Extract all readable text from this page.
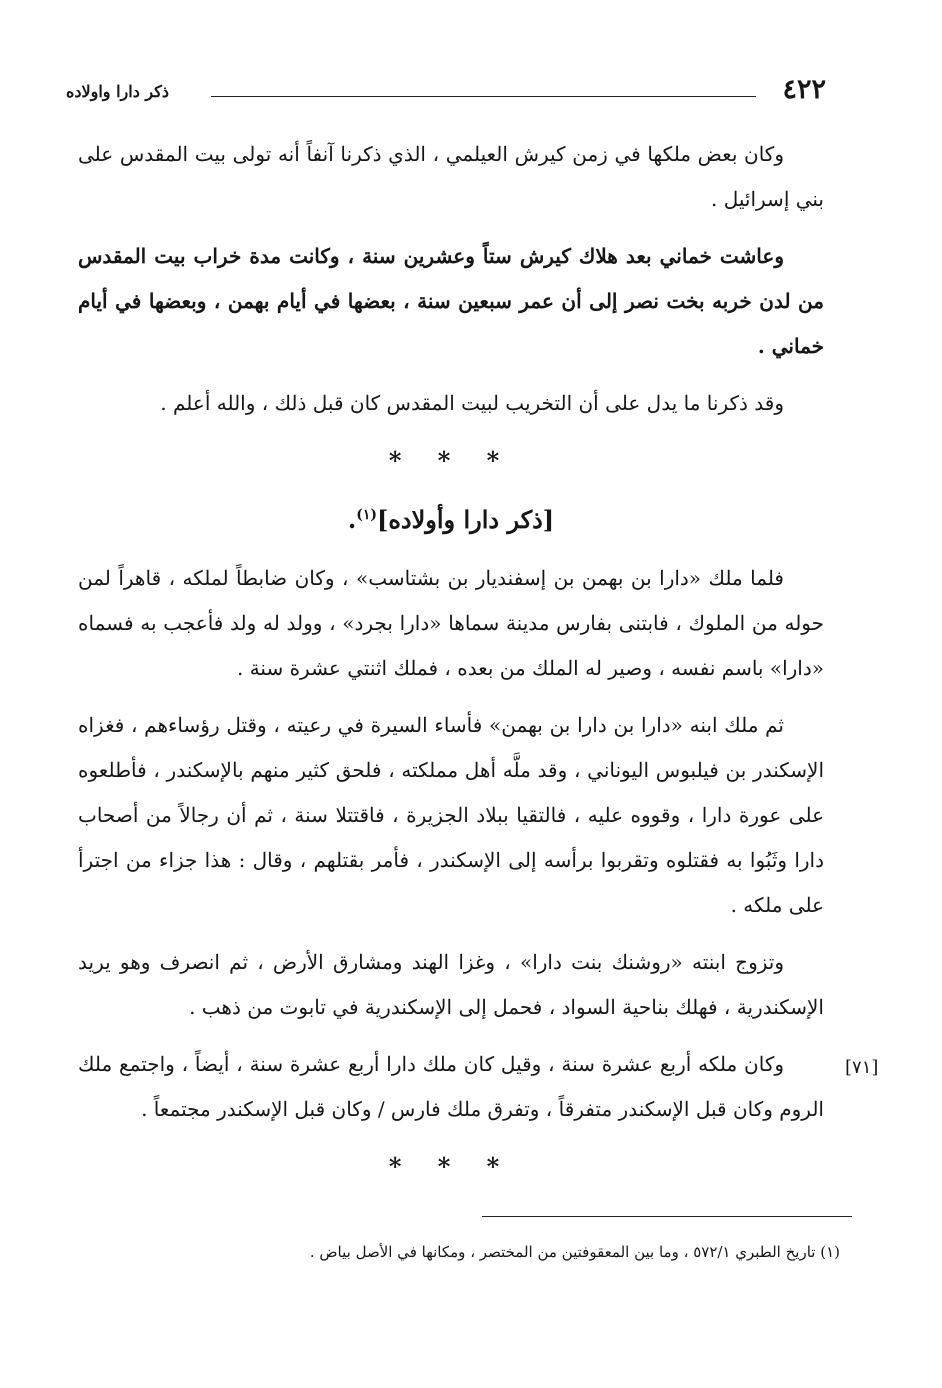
٤٢٢
ذكر دارا واولاده

وكان بعض ملكها في زمن كيرش العيلمي ، الذي ذكرنا آنفاً أنه تولى بيت المقدس على بني إسرائيل .

وعاشت خماني بعد هلاك كيرش ستاً وعشرين سنة ، وكانت مدة خراب بيت المقدس من لدن خربه بخت نصر إلى أن عمر سبعين سنة ، بعضها في أيام بهمن ، وبعضها في أيام خماني .

وقد ذكرنا ما يدل على أن التخريب لبيت المقدس كان قبل ذلك ، والله أعلم .

* * *
[ذكر دارا وأولاده]$^{(١)}$.

فلما ملك «دارا بن بهمن بن إسفنديار بن بشتاسب» ، وكان ضابطاً لملكه ، قاهراً لمن حوله من الملوك ، فابتنى بفارس مدينة سماها «دارا بجرد» ، وولد له ولد فأعجب به فسماه «دارا» باسم نفسه ، وصير له الملك من بعده ، فملك اثنتي عشرة سنة .

ثم ملك ابنه «دارا بن دارا بن بهمن» فأساء السيرة في رعيته ، وقتل رؤساءهم ، فغزاه الإسكندر بن فيلبوس اليوناني ، وقد ملَّه أهل مملكته ، فلحق كثير منهم بالإسكندر ، فأطلعوه على عورة دارا ، وقووه عليه ، فالتقيا ببلاد الجزيرة ، فاقتتلا سنة ، ثم أن رجالاً من أصحاب دارا وثَبُوا به فقتلوه وتقربوا برأسه إلى الإسكندر ، فأمر بقتلهم ، وقال : هذا جزاء من اجترأ على ملكه .

وتزوج ابنته «روشنك بنت دارا» ، وغزا الهند ومشارق الأرض ، ثم انصرف وهو يريد الإسكندرية ، فهلك بناحية السواد ، فحمل إلى الإسكندرية في تابوت من ذهب .

وكان ملكه أربع عشرة سنة ، وقيل كان ملك دارا أربع عشرة سنة ، أيضاً ، واجتمع ملك الروم وكان قبل الإسكندر متفرقاً ، وتفرق ملك فارس / وكان قبل الإسكندر مجتمعاً .

* * *
[٧١]
(١) تاريخ الطبري ٥٧٢/١ ، وما بين المعقوفتين من المختصر ، ومكانها في الأصل بياض .
